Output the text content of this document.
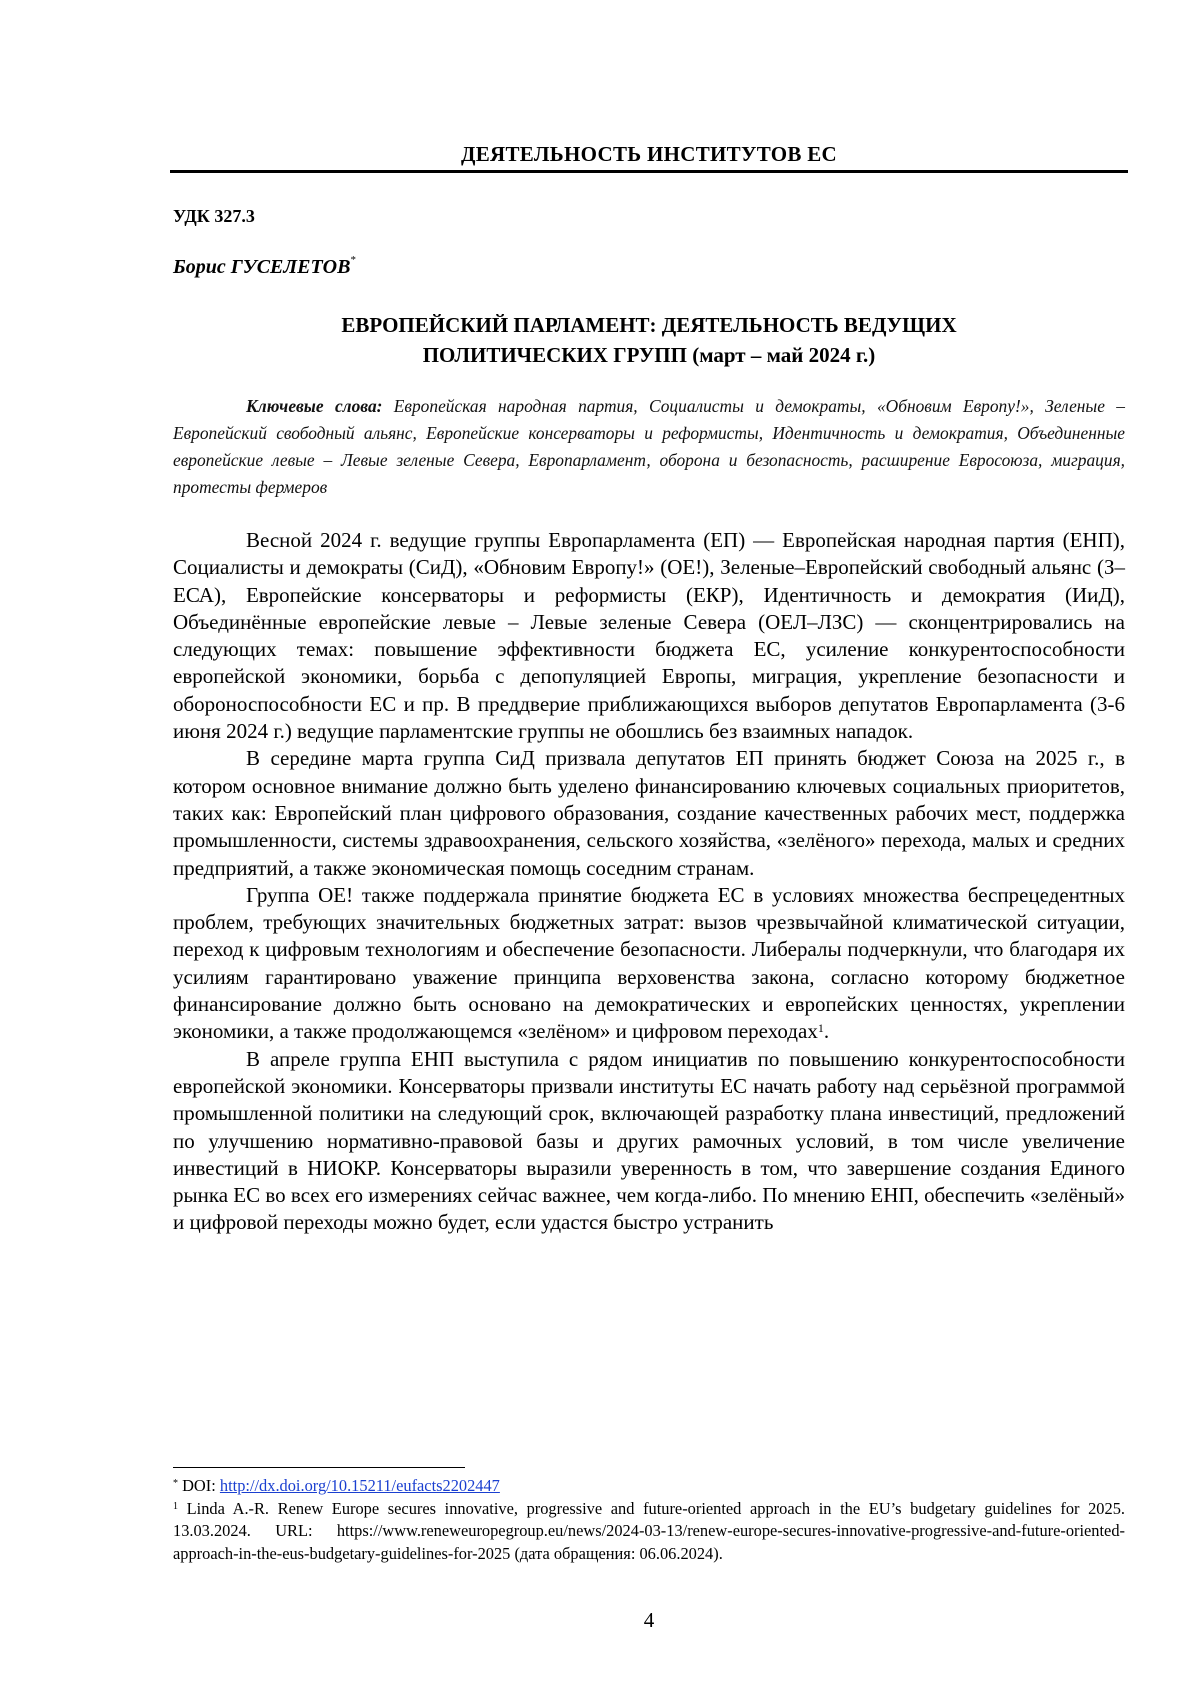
ДЕЯТЕЛЬНОСТЬ ИНСТИТУТОВ ЕС
УДК 327.3
Борис ГУСЕЛЕТОВ*
ЕВРОПЕЙСКИЙ ПАРЛАМЕНТ: ДЕЯТЕЛЬНОСТЬ ВЕДУЩИХ
ПОЛИТИЧЕСКИХ ГРУПП (март – май 2024 г.)
Ключевые слова: Европейская народная партия, Социалисты и демократы, «Обновим Европу!», Зеленые – Европейский свободный альянс, Европейские консерваторы и реформисты, Идентичность и демократия, Объединенные европейские левые – Левые зеленые Севера, Европарламент, оборона и безопасность, расширение Евросоюза, миграция, протесты фермеров

Весной 2024 г. ведущие группы Европарламента (ЕП) — Европейская народная партия (ЕНП), Социалисты и демократы (СиД), «Обновим Европу!» (ОЕ!), Зеленые–Европейский свободный альянс (З–ЕСА), Европейские консерваторы и реформисты (ЕКР), Идентичность и демократия (ИиД), Объединённые европейские левые – Левые зеленые Севера (ОЕЛ–ЛЗС) — сконцентрировались на следующих темах: повышение эффективности бюджета ЕС, усиление конкурентоспособности европейской экономики, борьба с депопуляцией Европы, миграция, укрепление безопасности и обороноспособности ЕС и пр. В преддверие приближающихся выборов депутатов Европарламента (3-6 июня 2024 г.) ведущие парламентские группы не обошлись без взаимных нападок.

В середине марта группа СиД призвала депутатов ЕП принять бюджет Союза на 2025 г., в котором основное внимание должно быть уделено финансированию ключевых социальных приоритетов, таких как: Европейский план цифрового образования, создание качественных рабочих мест, поддержка промышленности, системы здравоохранения, сельского хозяйства, «зелёного» перехода, малых и средних предприятий, а также экономическая помощь соседним странам.

Группа ОЕ! также поддержала принятие бюджета ЕС в условиях множества беспрецедентных проблем, требующих значительных бюджетных затрат: вызов чрезвычайной климатической ситуации, переход к цифровым технологиям и обеспечение безопасности. Либералы подчеркнули, что благодаря их усилиям гарантировано уважение принципа верховенства закона, согласно которому бюджетное финансирование должно быть основано на демократических и европейских ценностях, укреплении экономики, а также продолжающемся «зелёном» и цифровом переходах$^1$.

В апреле группа ЕНП выступила с рядом инициатив по повышению конкурентоспособности европейской экономики. Консерваторы призвали институты ЕС начать работу над серьёзной программой промышленной политики на следующий срок, включающей разработку плана инвестиций, предложений по улучшению нормативно-правовой базы и других рамочных условий, в том числе увеличение инвестиций в НИОКР. Консерваторы выразили уверенность в том, что завершение создания Единого рынка ЕС во всех его измерениях сейчас важнее, чем когда-либо. По мнению ЕНП, обеспечить «зелёный» и цифровой переходы можно будет, если удастся быстро устранить

* DOI: http://dx.doi.org/10.15211/eufacts2202447

$^1$ Linda A.-R. Renew Europe secures innovative, progressive and future-oriented approach in the EU’s budgetary guidelines for 2025. 13.03.2024. URL: https://www.reneweuropegroup.eu/news/2024-03-13/renew-europe-secures-innovative-progressive-and-future-oriented-approach-in-the-eus-budgetary-guidelines-for-2025 (дата обращения: 06.06.2024).

4
